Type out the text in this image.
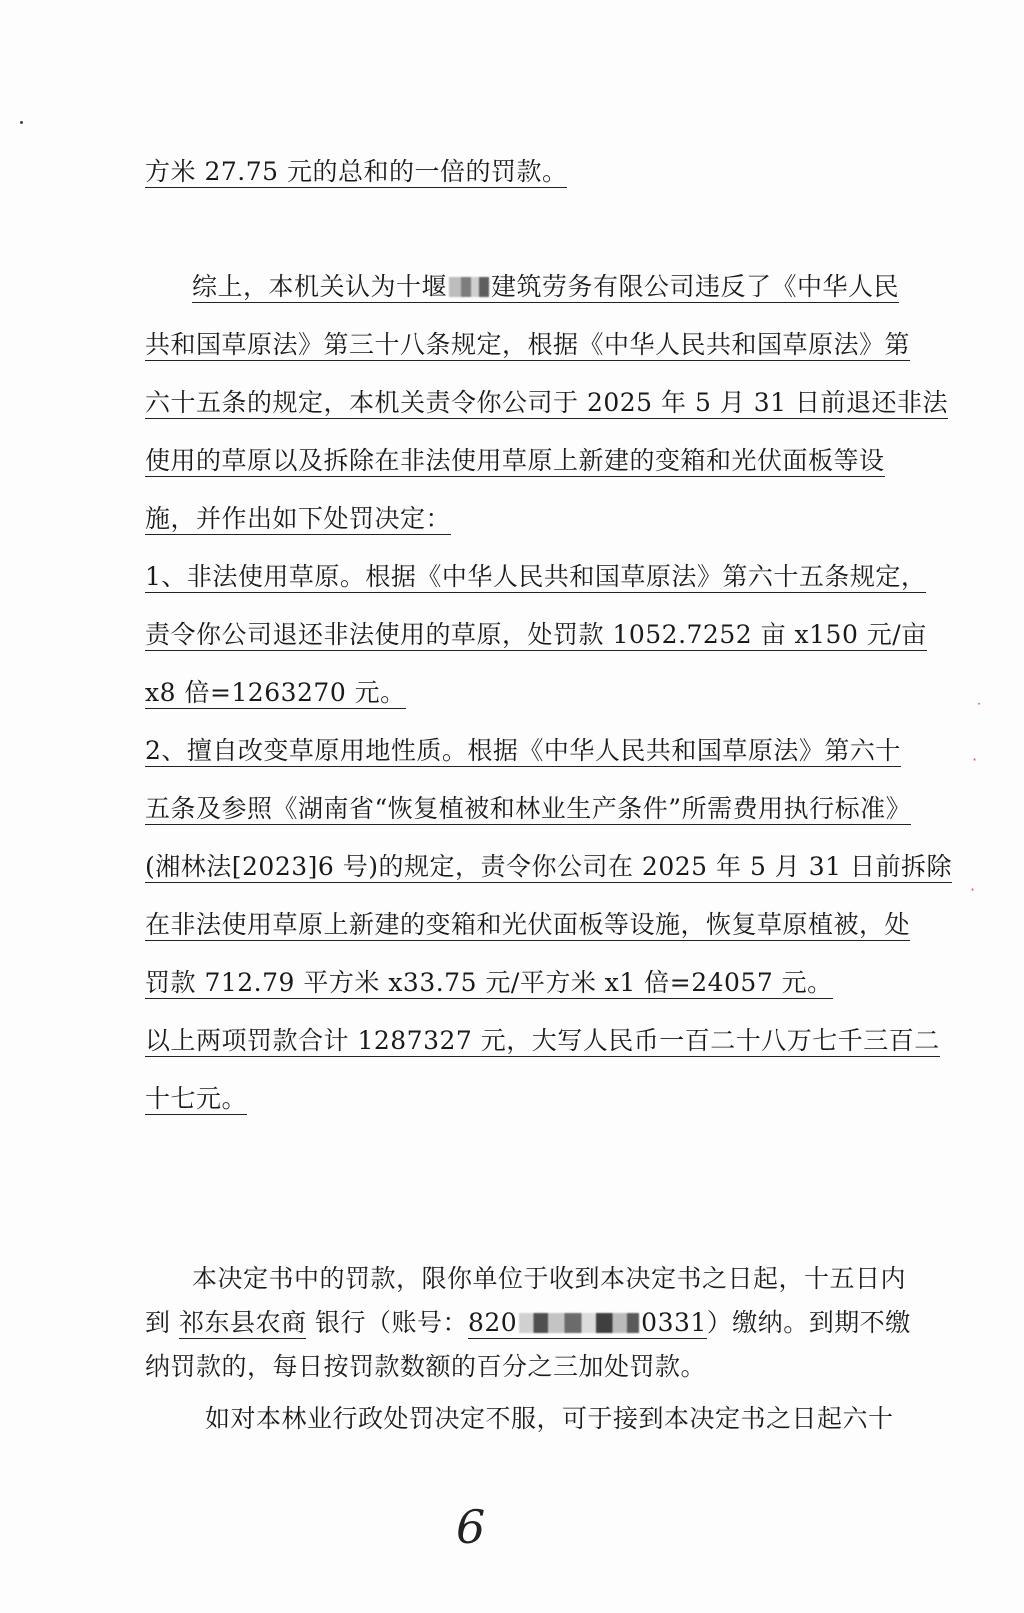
方米 27.75 元的总和的一倍的罚款。
综上，本机关认为十堰 建筑劳务有限公司违反了《中华人民
共和国草原法》第三十八条规定，根据《中华人民共和国草原法》第
六十五条的规定，本机关责令你公司于 2025 年 5 月 31 日前退还非法
使用的草原以及拆除在非法使用草原上新建的变箱和光伏面板等设
施，并作出如下处罚决定：
1、非法使用草原。根据《中华人民共和国草原法》第六十五条规定，
责令你公司退还非法使用的草原，处罚款 1052.7252 亩 x150 元/亩
x8 倍=1263270 元。
2、擅自改变草原用地性质。根据《中华人民共和国草原法》第六十
五条及参照《湖南省“恢复植被和林业生产条件”所需费用执行标准》
(湘林法[2023]6 号)的规定，责令你公司在 2025 年 5 月 31 日前拆除
在非法使用草原上新建的变箱和光伏面板等设施，恢复草原植被，处
罚款 712.79 平方米 x33.75 元/平方米 x1 倍=24057 元。
以上两项罚款合计 1287327 元，大写人民币一百二十八万七千三百二
十七元。
本决定书中的罚款，限你单位于收到本决定书之日起，十五日内
到 祁东县农商 银行（账号：820	0331）缴纳。到期不缴
纳罚款的，每日按罚款数额的百分之三加处罚款。
如对本林业行政处罚决定不服，可于接到本决定书之日起六十
6
˙
·
·
